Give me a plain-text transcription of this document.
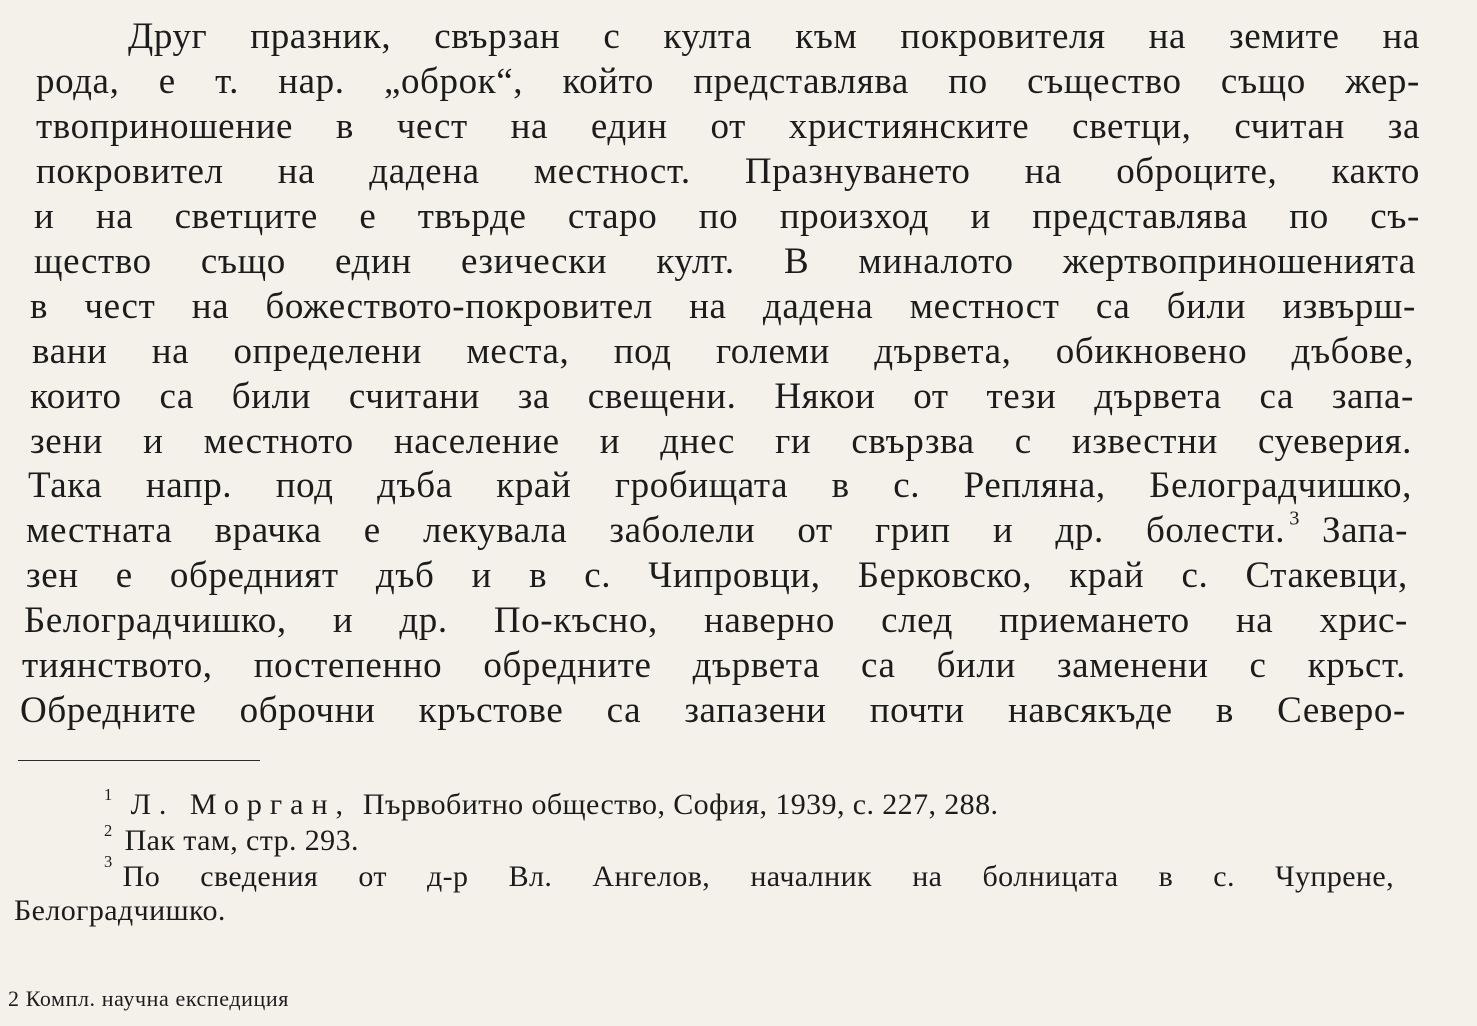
Друг празник, свързан с култа към покровителя на земите на
рода, е т. нар. „оброк“, който представлява по същество също жер-
твоприношение в чест на един от християнските светци, считан за
покровител на дадена местност. Празнуването на оброците, както
и на светците е твърде старо по произход и представлява по съ-
щество също един езически култ. В миналото жертвоприношенията
в чест на божеството-покровител на дадена местност са били извърш-
вани на определени места, под големи дървета, обикновено дъбове,
които са били считани за свещени. Някои от тези дървета са запа-
зени и местното население и днес ги свързва с известни суеверия.
Така напр. под дъба край гробищата в с. Репляна, Белоградчишко,
местната врачка е лекувала заболели от грип и др. болести. $^3$ Запа-
зен е обредният дъб и в с. Чипровци, Берковско, край с. Стакевци,
Белоградчишко, и др. По-късно, наверно след приемането на хрис-
тиянството, постепенно обредните дървета са били заменени с кръст.
Обредните оброчни кръстове са запазени почти навсякъде в Северо-
$^1$ Л. Морган, Първобитно общество, София, 1939, с. 227, 288.
$^2$ Пак там, стр. 293.
3 По сведения от д-р Вл. Ангелов, началник на болницата в с. Чупрене,
Белоградчишко.
2 Компл. научна експедиция
